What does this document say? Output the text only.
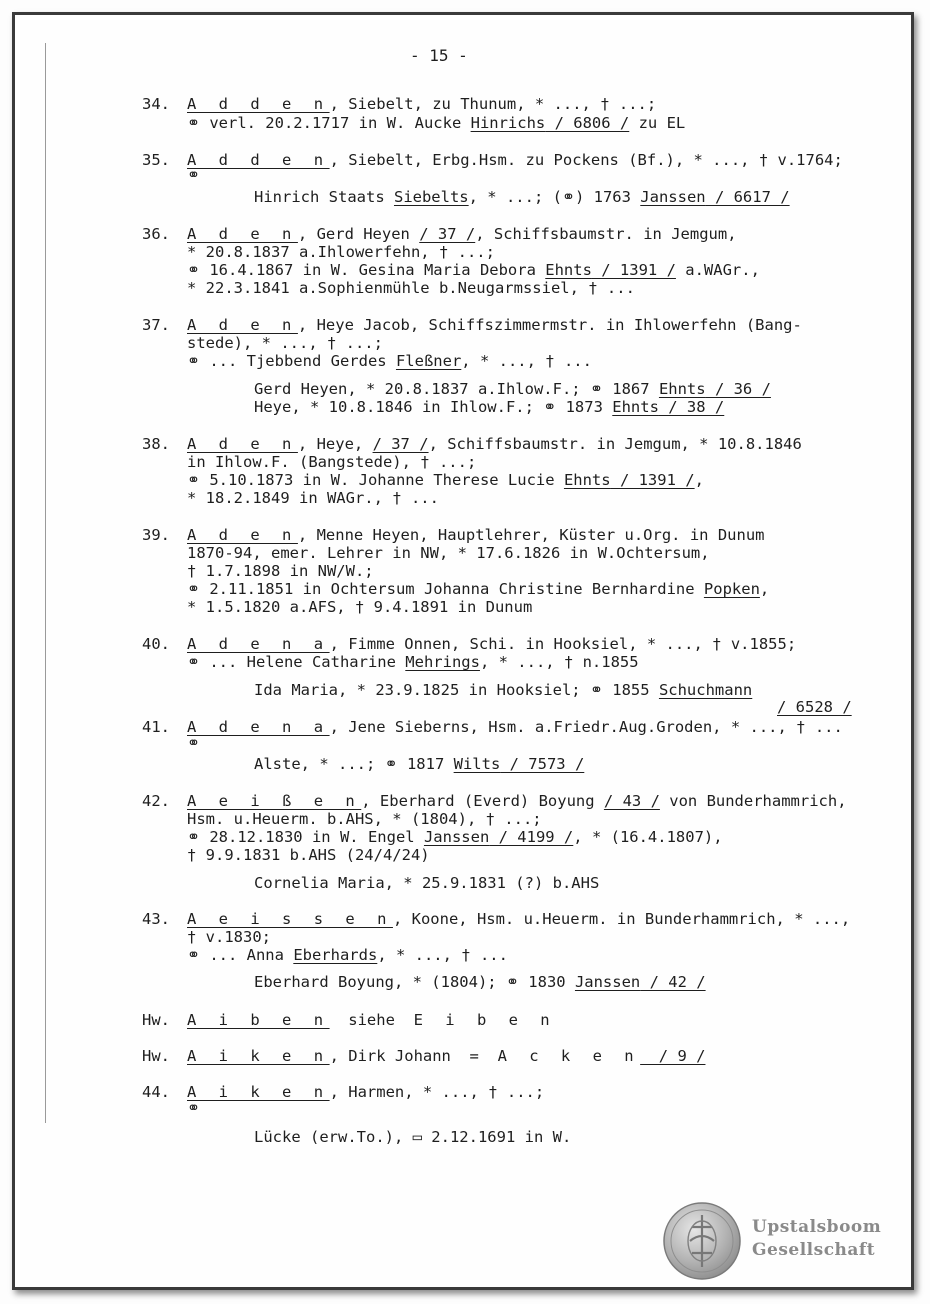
- 15 -

34. A d d e n, Siebelt, zu Thunum, * ..., † ...;

⚭ verl. 20.2.1717 in W. Aucke Hinrichs / 6806 / zu EL

35. A d d e n, Siebelt, Erbg.Hsm. zu Pockens (Bf.), * ..., † v.1764;

⚭

Hinrich Staats Siebelts, * ...; (⚭) 1763 Janssen / 6617 /

36. A d e n, Gerd Heyen / 37 /, Schiffsbaumstr. in Jemgum,

* 20.8.1837 a.Ihlowerfehn, † ...;

⚭ 16.4.1867 in W. Gesina Maria Debora Ehnts / 1391 / a.WAGr.,

* 22.3.1841 a.Sophienmühle b.Neugarmssiel, † ...

37. A d e n, Heye Jacob, Schiffszimmermstr. in Ihlowerfehn (Bang-

stede), * ..., † ...;

⚭ ... Tjebbend Gerdes Fleßner, * ..., † ...

Gerd Heyen, * 20.8.1837 a.Ihlow.F.; ⚭ 1867 Ehnts / 36 /

Heye, * 10.8.1846 in Ihlow.F.; ⚭ 1873 Ehnts / 38 /

38. A d e n, Heye, / 37 /, Schiffsbaumstr. in Jemgum, * 10.8.1846

in Ihlow.F. (Bangstede), † ...;

⚭ 5.10.1873 in W. Johanne Therese Lucie Ehnts / 1391 /,

* 18.2.1849 in WAGr., † ...

39. A d e n, Menne Heyen, Hauptlehrer, Küster u.Org. in Dunum

1870-94, emer. Lehrer in NW, * 17.6.1826 in W.Ochtersum,

† 1.7.1898 in NW/W.;

⚭ 2.11.1851 in Ochtersum Johanna Christine Bernhardine Popken,

* 1.5.1820 a.AFS, † 9.4.1891 in Dunum

40. A d e n a, Fimme Onnen, Schi. in Hooksiel, * ..., † v.1855;

⚭ ... Helene Catharine Mehrings, * ..., † n.1855

Ida Maria, * 23.9.1825 in Hooksiel; ⚭ 1855 Schuchmann

/ 6528 /

41. A d e n a, Jene Sieberns, Hsm. a.Friedr.Aug.Groden, * ..., † ...

⚭

Alste, * ...; ⚭ 1817 Wilts / 7573 /

42. A e i ß e n, Eberhard (Everd) Boyung / 43 / von Bunderhammrich,

Hsm. u.Heuerm. b.AHS, * (1804), † ...;

⚭ 28.12.1830 in W. Engel Janssen / 4199 /, * (16.4.1807),

† 9.9.1831 b.AHS (24/4/24)

Cornelia Maria, * 25.9.1831 (?) b.AHS

43. A e i s s e n, Koone, Hsm. u.Heuerm. in Bunderhammrich, * ...,

† v.1830;

⚭ ... Anna Eberhards, * ..., † ...

Eberhard Boyung, * (1804); ⚭ 1830 Janssen / 42 /

Hw. A i b e n  siehe  E i b e n

Hw. A i k e n, Dirk Johann  =  A c k e n  / 9 /

44. A i k e n, Harmen, * ..., † ...;

⚭

Lücke (erw.To.), ▭ 2.12.1691 in W.

Upstalsboom
Gesellschaft
